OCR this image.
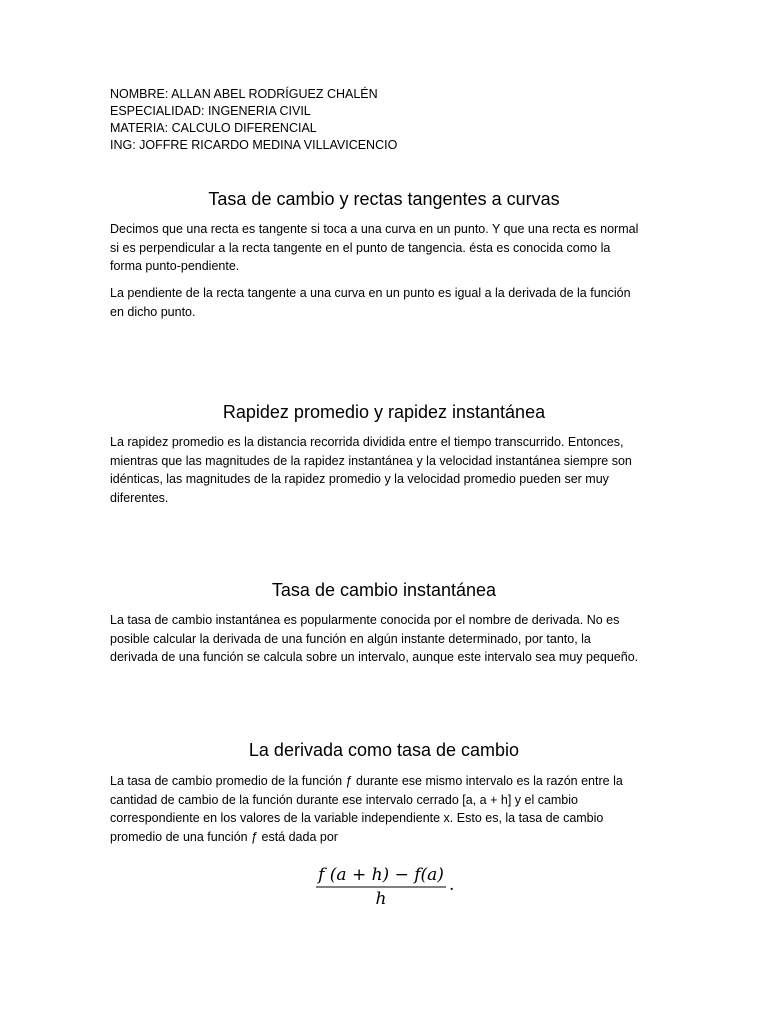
NOMBRE: ALLAN ABEL RODRÍGUEZ CHALÉN
ESPECIALIDAD: INGENERIA CIVIL
MATERIA: CALCULO DIFERENCIAL
ING: JOFFRE RICARDO MEDINA VILLAVICENCIO
Tasa de cambio y rectas tangentes a curvas

Decimos que una recta es tangente si toca a una curva en un punto. Y que una recta es normal
si es perpendicular a la recta tangente en el punto de tangencia. ésta es conocida como la
forma punto-pendiente.

La pendiente de la recta tangente a una curva en un punto es igual a la derivada de la función
en dicho punto.

Rapidez promedio y rapidez instantánea

La rapidez promedio es la distancia recorrida dividida entre el tiempo transcurrido. Entonces,
mientras que las magnitudes de la rapidez instantánea y la velocidad instantánea siempre son
idénticas, las magnitudes de la rapidez promedio y la velocidad promedio pueden ser muy
diferentes.

Tasa de cambio instantánea

La tasa de cambio instantánea es popularmente conocida por el nombre de derivada. No es
posible calcular la derivada de una función en algún instante determinado, por tanto, la
derivada de una función se calcula sobre un intervalo, aunque este intervalo sea muy pequeño.

La derivada como tasa de cambio

La tasa de cambio promedio de la función ƒ durante ese mismo intervalo es la razón entre la
cantidad de cambio de la función durante ese intervalo cerrado [a, a + h] y el cambio
correspondiente en los valores de la variable independiente x. Esto es, la tasa de cambio
promedio de una función ƒ está dada por

f (a + h) − f(a)
h
.
